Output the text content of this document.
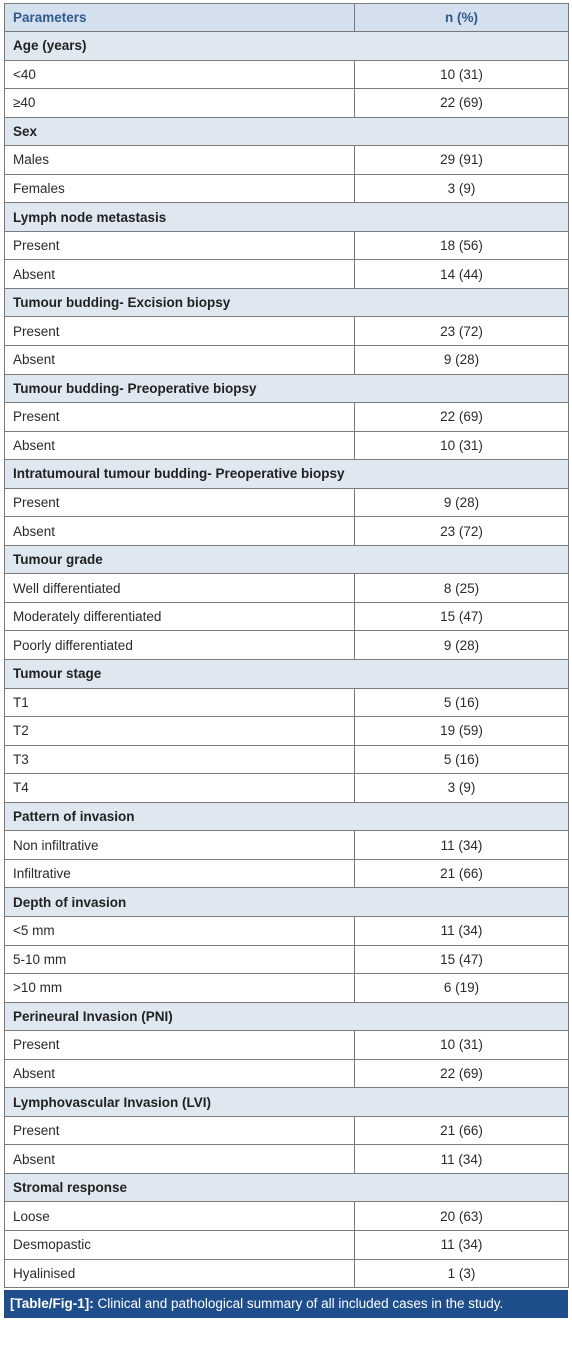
Parameters	n (%)
Age (years)	
<40	10 (31)
≥40	22 (69)
Sex	
Males	29 (91)
Females	3 (9)
Lymph node metastasis	
Present	18 (56)
Absent	14 (44)
Tumour budding- Excision biopsy	
Present	23 (72)
Absent	9 (28)
Tumour budding- Preoperative biopsy	
Present	22 (69)
Absent	10 (31)
Intratumoural tumour budding- Preoperative biopsy	
Present	9 (28)
Absent	23 (72)
Tumour grade	
Well differentiated	8 (25)
Moderately differentiated	15 (47)
Poorly differentiated	9 (28)
Tumour stage	
T1	5 (16)
T2	19 (59)
T3	5 (16)
T4	3 (9)
Pattern of invasion	
Non infiltrative	11 (34)
Infiltrative	21 (66)
Depth of invasion	
<5 mm	11 (34)
5-10 mm	15 (47)
>10 mm	6 (19)
Perineural Invasion (PNI)	
Present	10 (31)
Absent	22 (69)
Lymphovascular Invasion (LVI)	
Present	21 (66)
Absent	11 (34)
Stromal response	
Loose	20 (63)
Desmopastic	11 (34)
Hyalinised	1 (3)
[Table/Fig-1]: Clinical and pathological summary of all included cases in the study.
